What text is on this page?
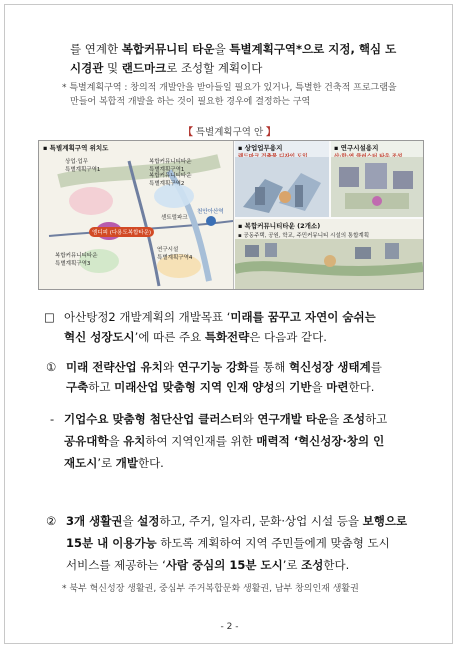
를 연계한 복합커뮤니티 타운을 특별계획구역*으로 지정, 핵심 도
시경관 및 랜드마크로 조성할 계획이다
* 특별계획구역 : 창의적 개발안을 받아들일 필요가 있거나, 특별한 건축적 프로그램을
만들어 복합적 개발을 하는 것이 필요한 경우에 결정하는 구역
【 특별계획구역 안 】
▪ 특별계획구역 위치도
상업·업무
특별계획구역1
복합커뮤니티타운
특별계획구역1
복합커뮤니티타운
특별계획구역2
엠디피 (다용도복합타운)
센트럴파크
천안아산역
연구시설
특별계획구역4
복합커뮤니티타운
특별계획구역3
▪ 상업업무용지	▪ 연구시설용지
▪ 복합커뮤니티타운 (2개소)
▪ 공동주택, 공원, 학교, 주민커뮤니티 시설의 통합계획
□ 아산탕정2 개발계획의 개발목표 ‘미래를 꿈꾸고 자연이 숨쉬는
혁신 성장도시’에 따른 주요 특화전략은 다음과 같다.
① 미래 전략산업 유치와 연구기능 강화를 통해 혁신성장 생태계를
구축하고 미래산업 맞춤형 지역 인재 양성의 기반을 마련한다.
- 기업수요 맞춤형 첨단산업 클러스터와 연구개발 타운을 조성하고
공유대학을 유치하여 지역인재를 위한 매력적 ‘혁신성장·창의 인
재도시’로 개발한다.
② 3개 생활권을 설정하고, 주거, 일자리, 문화·상업 시설 등을 보행으로
15분 내 이용가능 하도록 계획하여 지역 주민들에게 맞춤형 도시
서비스를 제공하는 ‘사람 중심의 15분 도시’로 조성한다.
* 북부 혁신성장 생활권, 중심부 주거복합문화 생활권, 남부 창의인재 생활권
- 2 -
